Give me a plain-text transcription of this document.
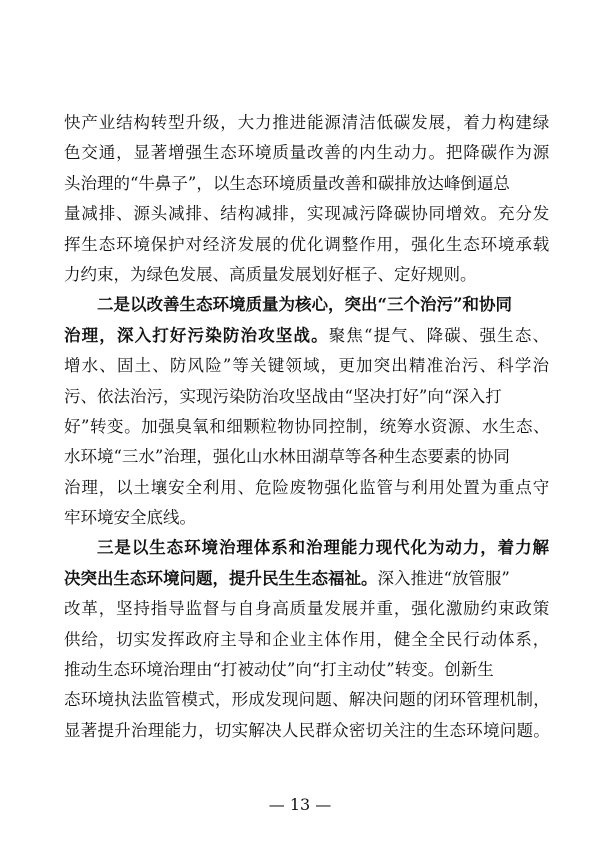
快产业结构转型升级，大力推进能源清洁低碳发展，着力构建绿
色交通，显著增强生态环境质量改善的内生动力。把降碳作为源
头治理的“牛鼻子”，以生态环境质量改善和碳排放达峰倒逼总
量减排、源头减排、结构减排，实现减污降碳协同增效。充分发
挥生态环境保护对经济发展的优化调整作用，强化生态环境承载
力约束，为绿色发展、高质量发展划好框子、定好规则。
二是以改善生态环境质量为核心，突出“三个治污”和协同
治理，深入打好污染防治攻坚战。聚焦“提气、降碳、强生态、
增水、固土、防风险”等关键领域，更加突出精准治污、科学治
污、依法治污，实现污染防治攻坚战由“坚决打好”向“深入打
好”转变。加强臭氧和细颗粒物协同控制，统筹水资源、水生态、
水环境“三水”治理，强化山水林田湖草等各种生态要素的协同
治理，以土壤安全利用、危险废物强化监管与利用处置为重点守
牢环境安全底线。
三是以生态环境治理体系和治理能力现代化为动力，着力解
决突出生态环境问题，提升民生生态福祉。深入推进“放管服”
改革，坚持指导监督与自身高质量发展并重，强化激励约束政策
供给，切实发挥政府主导和企业主体作用，健全全民行动体系，
推动生态环境治理由“打被动仗”向“打主动仗”转变。创新生
态环境执法监管模式，形成发现问题、解决问题的闭环管理机制，
显著提升治理能力，切实解决人民群众密切关注的生态环境问题。
— 13 —
